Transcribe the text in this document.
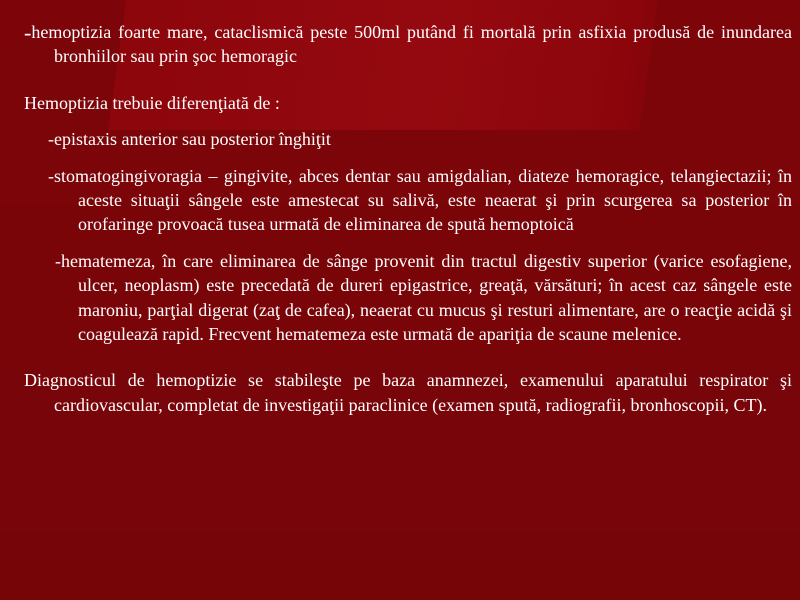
-hemoptizia foarte mare, cataclismică peste 500ml putând fi mortală prin asfixia produsă de inundarea bronhiilor sau prin şoc hemoragic

Hemoptizia trebuie diferenţiată de :

-epistaxis anterior sau posterior înghiţit

-stomatogingivoragia – gingivite, abces dentar sau amigdalian, diateze hemoragice, telangiectazii; în aceste situaţii sângele este amestecat su salivă, este neaerat şi prin scurgerea sa posterior în orofaringe provoacă tusea urmată de eliminarea de spută hemoptoică

-hematemeza, în care eliminarea de sânge provenit din tractul digestiv superior (varice esofagiene, ulcer, neoplasm) este precedată de dureri epigastrice, greaţă, vărsături; în acest caz sângele este maroniu, parţial digerat (zaţ de cafea), neaerat cu mucus şi resturi alimentare, are o reacţie acidă şi coagulează rapid. Frecvent hematemeza este urmată de apariţia de scaune melenice.

Diagnosticul de hemoptizie se stabileşte pe baza anamnezei, examenului aparatului respirator şi cardiovascular, completat de investigaţii paraclinice (examen spută, radiografii, bronhoscopii, CT).
